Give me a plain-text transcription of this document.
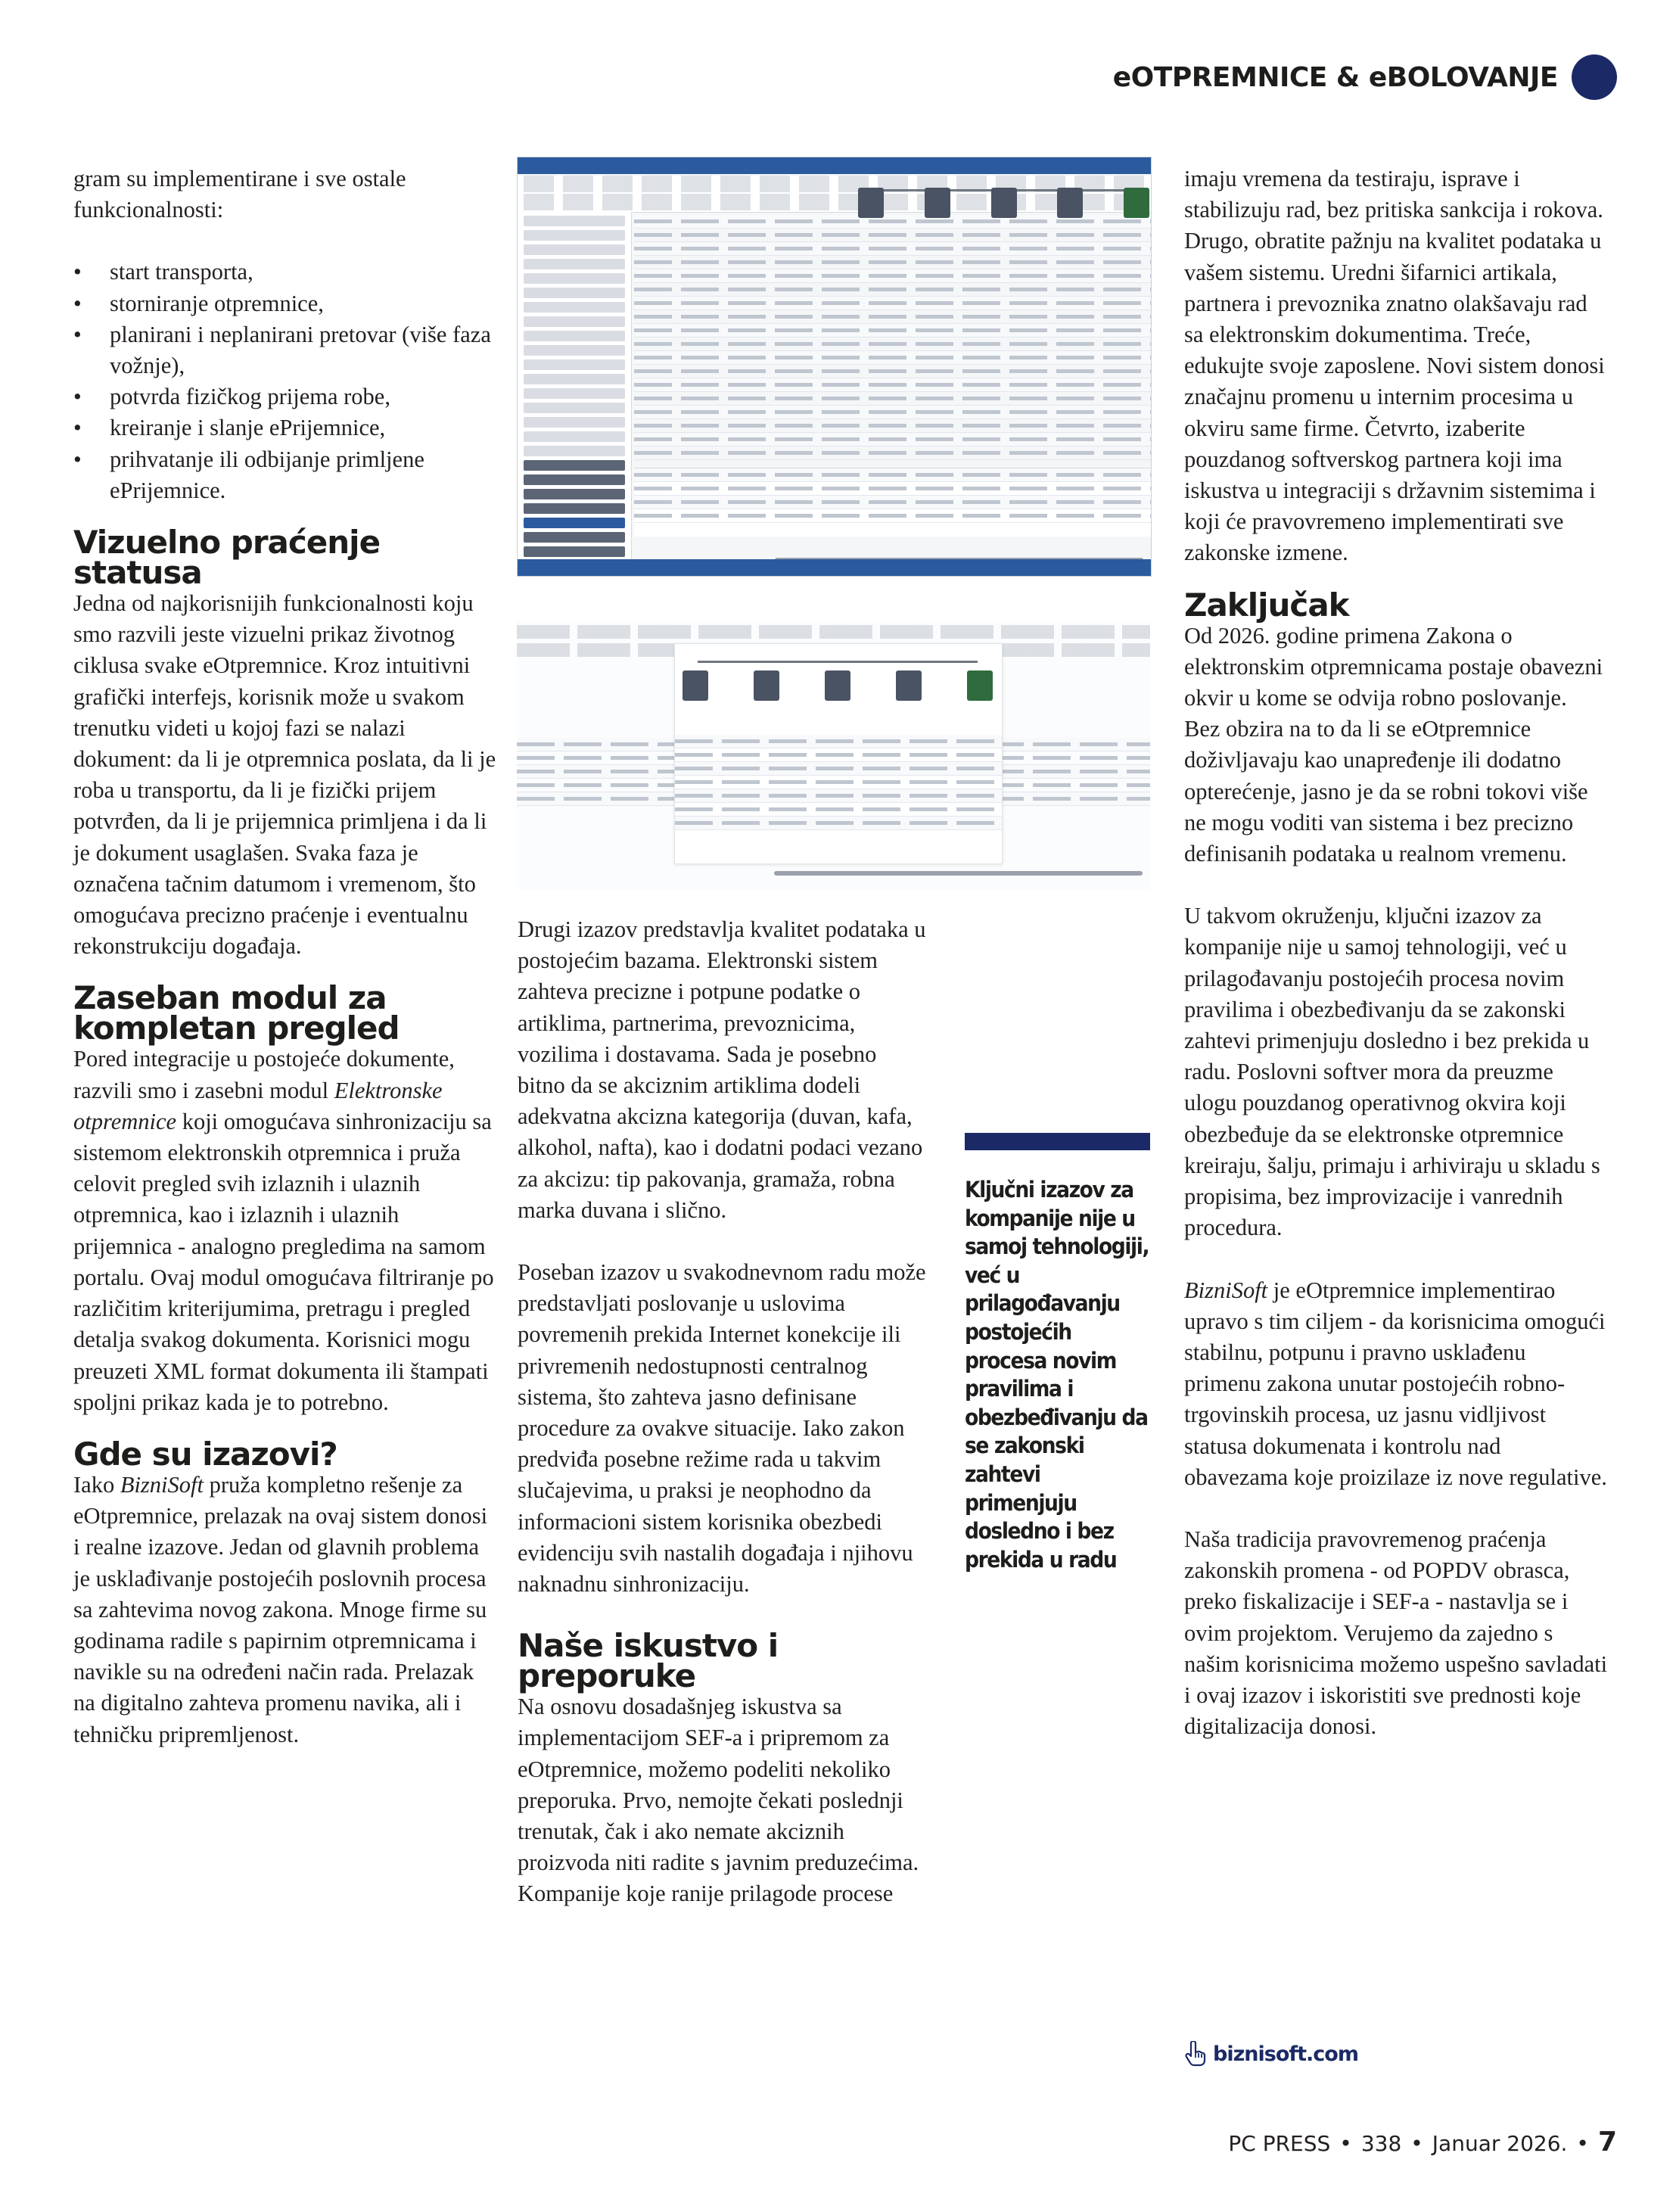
eOTPREMNICE & eBOLOVANJE

gram su implementirane i sve ostale funkcionalnosti:

• start transporta,
• storniranje otpremnice,
• planirani i neplanirani pretovar (više faza vožnje),
• potvrda fizičkog prijema robe,
• kreiranje i slanje ePrijemnice,
• prihvatanje ili odbijanje primljene ePrijemnice.
Vizuelno praćenje statusa

Jedna od najkorisnijih funkcionalnosti koju smo razvili jeste vizuelni prikaz životnog ciklusa svake eOtpremnice. Kroz intuitivni grafički interfejs, korisnik može u svakom trenutku videti u kojoj fazi se nalazi dokument: da li je otpremnica poslata, da li je roba u transportu, da li je fizički prijem potvrđen, da li je prijemnica primljena i da li je dokument usaglašen. Svaka faza je označena tačnim datumom i vremenom, što omogućava precizno praćenje i eventualnu rekonstrukciju događaja.

Zaseban modul za kompletan pregled

Pored integracije u postojeće dokumente, razvili smo i zasebni modul Elektronske otpremnice koji omogućava sinhronizaciju sa sistemom elektronskih otpremnica i pruža celovit pregled svih izlaznih i ulaznih otpremnica, kao i izlaznih i ulaznih prijemnica - analogno pregledima na samom portalu. Ovaj modul omogućava filtriranje po različitim kriterijumima, pretragu i pregled detalja svakog dokumenta. Korisnici mogu preuzeti XML format dokumenta ili štampati spoljni prikaz kada je to potrebno.

Gde su izazovi?

Iako BizniSoft pruža kompletno rešenje za eOtpremnice, prelazak na ovaj sistem donosi i realne izazove. Jedan od glavnih problema je usklađivanje postojećih poslovnih procesa sa zahtevima novog zakona. Mnoge firme su godinama radile s papirnim otpremnicama i navikle su na određeni način rada. Prelazak na digitalno zahteva promenu navika, ali i tehničku pripremljenost.

Drugi izazov predstavlja kvalitet podataka u postojećim bazama. Elektronski sistem zahteva precizne i potpune podatke o artiklima, partnerima, prevoznicima, vozilima i dostavama. Sada je posebno bitno da se akciznim artiklima dodeli adekvatna akcizna kategorija (duvan, kafa, alkohol, nafta), kao i dodatni podaci vezano za akcizu: tip pakovanja, gramaža, robna marka duvana i slično.

Poseban izazov u svakodnevnom radu može predstavljati poslovanje u uslovima povremenih prekida Internet konekcije ili privremenih nedostupnosti centralnog sistema, što zahteva jasno definisane procedure za ovakve situacije. Iako zakon predviđa posebne režime rada u takvim slučajevima, u praksi je neophodno da informacioni sistem korisnika obezbedi evidenciju svih nastalih događaja i njihovu naknadnu sinhronizaciju.

Naše iskustvo i preporuke

Na osnovu dosadašnjeg iskustva sa implementacijom SEF-a i pripremom za eOtpremnice, možemo podeliti nekoliko preporuka. Prvo, nemojte čekati poslednji trenutak, čak i ako nemate akciznih proizvoda niti radite s javnim preduzećima. Kompanije koje ranije prilagode procese

Ključni izazov za kompanije nije u samoj tehnologiji, već u prilagođavanju postojećih procesa novim pravilima i obezbeđivanju da se zakonski zahtevi primenjuju dosledno i bez prekida u radu

imaju vremena da testiraju, isprave i stabilizuju rad, bez pritiska sankcija i rokova. Drugo, obratite pažnju na kvalitet podataka u vašem sistemu. Uredni šifarnici artikala, partnera i prevoznika znatno olakšavaju rad sa elektronskim dokumentima. Treće, edukujte svoje zaposlene. Novi sistem donosi značajnu promenu u internim procesima u okviru same firme. Četvrto, izaberite pouzdanog softverskog partnera koji ima iskustva u integraciji s državnim sistemima i koji će pravovremeno implementirati sve zakonske izmene.

Zaključak

Od 2026. godine primena Zakona o elektronskim otpremnicama postaje obavezni okvir u kome se odvija robno poslovanje. Bez obzira na to da li se eOtpremnice doživljavaju kao unapređenje ili dodatno opterećenje, jasno je da se robni tokovi više ne mogu voditi van sistema i bez precizno definisanih podataka u realnom vremenu.

U takvom okruženju, ključni izazov za kompanije nije u samoj tehnologiji, već u prilagođavanju postojećih procesa novim pravilima i obezbeđivanju da se zakonski zahtevi primenjuju dosledno i bez prekida u radu. Poslovni softver mora da preuzme ulogu pouzdanog operativnog okvira koji obezbeđuje da se elektronske otpremnice kreiraju, šalju, primaju i arhiviraju u skladu s propisima, bez improvizacije i vanrednih procedura.

BizniSoft je eOtpremnice implementirao upravo s tim ciljem - da korisnicima omogući stabilnu, potpunu i pravno usklađenu primenu zakona unutar postojećih robno-trgovinskih procesa, uz jasnu vidljivost statusa dokumenata i kontrolu nad obavezama koje proizilaze iz nove regulative.

Naša tradicija pravovremenog praćenja zakonskih promena - od POPDV obrasca, preko fiskalizacije i SEF-a - nastavlja se i ovim projektom. Verujemo da zajedno s našim korisnicima možemo uspešno savladati i ovaj izazov i iskoristiti sve prednosti koje digitalizacija donosi.

biznisoft.com
PC PRESS • 338 • Januar 2026. • 7
